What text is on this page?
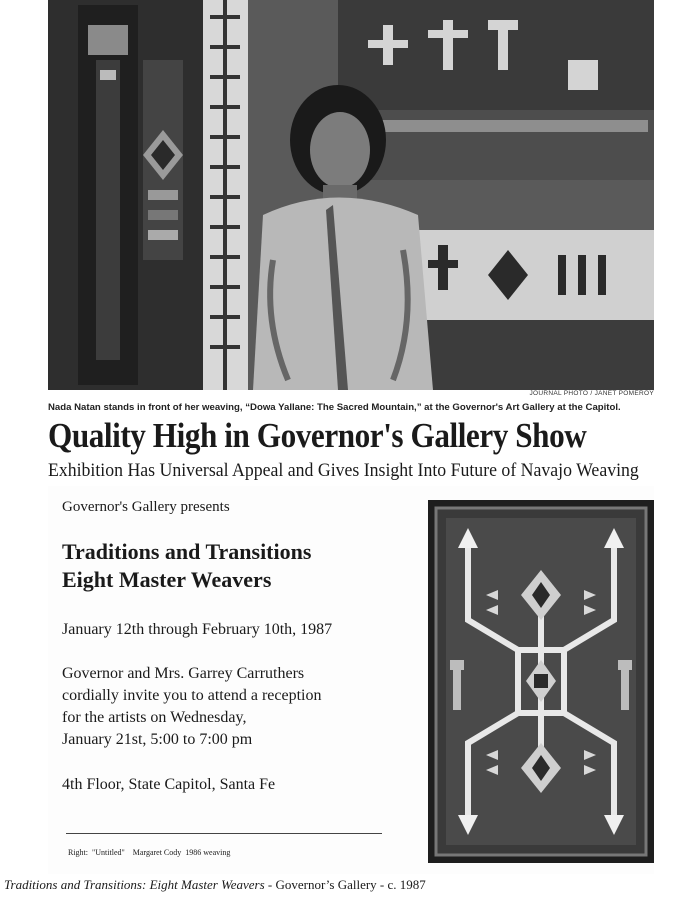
JOURNAL PHOTO / JANET POMEROY
Nada Natan stands in front of her weaving, “Dowa Yallane: The Sacred Mountain,” at the Governor's Art Gallery at the Capitol.
Quality High in Governor's Gallery Show
Exhibition Has Universal Appeal and Gives Insight Into Future of Navajo Weaving
Governor's Gallery presents
Traditions and Transitions
Eight Master Weavers
January 12th through February 10th, 1987
Governor and Mrs. Garrey Carruthers
cordially invite you to attend a reception
for the artists on Wednesday,
January 21st, 5:00 to 7:00 pm
4th Floor, State Capitol, Santa Fe
Right:  "Untitled"    Margaret Cody  1986 weaving
Traditions and Transitions: Eight Master Weavers - Governor’s Gallery - c. 1987
